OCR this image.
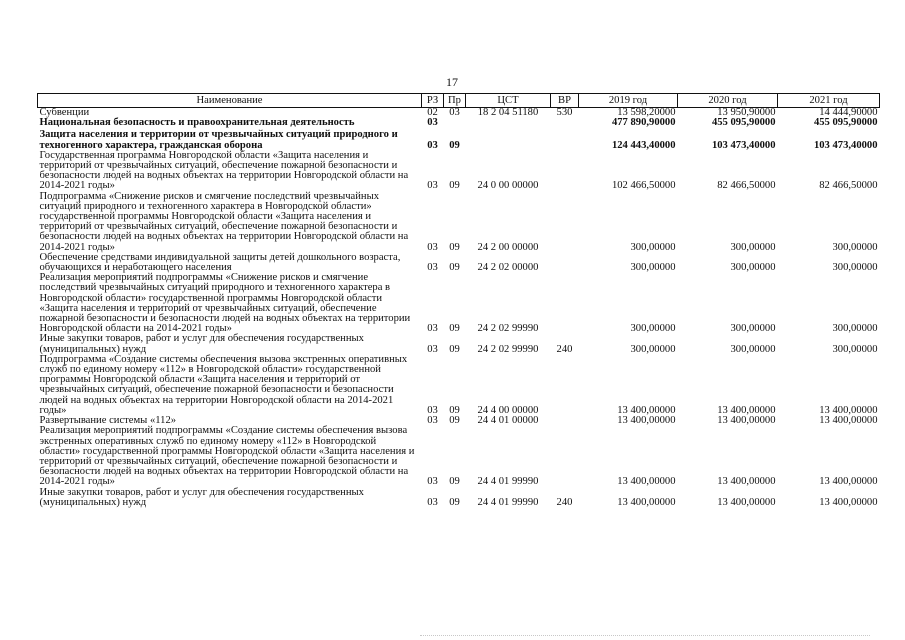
17
Наименование	РЗ	Пр	ЦСТ	ВР	2019 год	2020 год	2021 год
Субвенции	02	03	18 2 04 51180	530	13 598,20000	13 950,90000	14 444,90000
Национальная безопасность и правоохранительная деятельность	03				477 890,90000	455 095,90000	455 095,90000
Защита населения и территории от чрезвычайных ситуаций природного и техногенного характера, гражданская оборона	03	09			124 443,40000	103 473,40000	103 473,40000
Государственная программа Новгородской области «Защита населения и территорий от чрезвычайных ситуаций, обеспечение пожарной безопасности и безопасности людей на водных объектах на территории Новгородской области на 2014-2021 годы»	03	09	24 0 00 00000		102 466,50000	82 466,50000	82 466,50000
Подпрограмма «Снижение рисков и смягчение последствий чрезвычайных ситуаций природного и техногенного характера в Новгородской области» государственной программы Новгородской области «Защита населения и территорий от чрезвычайных ситуаций, обеспечение пожарной безопасности и безопасности людей на водных объектах на территории Новгородской области на 2014-2021 годы»	03	09	24 2 00 00000		300,00000	300,00000	300,00000
Обеспечение средствами индивидуальной защиты детей дошкольного возраста, обучающихся и неработающего населения	03	09	24 2 02 00000		300,00000	300,00000	300,00000
Реализация мероприятий подпрограммы «Снижение рисков и смягчение последствий чрезвычайных ситуаций природного и техногенного характера в Новгородской области» государственной программы Новгородской области «Защита населения и территорий от чрезвычайных ситуаций, обеспечение пожарной безопасности и безопасности людей на водных объектах на территории Новгородской области на 2014-2021 годы»	03	09	24 2 02 99990		300,00000	300,00000	300,00000
Иные закупки товаров, работ и услуг для обеспечения государственных (муниципальных) нужд	03	09	24 2 02 99990	240	300,00000	300,00000	300,00000
Подпрограмма «Создание системы обеспечения вызова экстренных оперативных служб по единому номеру «112» в Новгородской области» государственной программы Новгородской области «Защита населения и территорий от чрезвычайных ситуаций, обеспечение пожарной безопасности и безопасности людей на водных объектах на территории Новгородской области на 2014-2021 годы»	03	09	24 4 00 00000		13 400,00000	13 400,00000	13 400,00000
Развертывание системы «112»	03	09	24 4 01 00000		13 400,00000	13 400,00000	13 400,00000
Реализация мероприятий подпрограммы «Создание системы обеспечения вызова экстренных оперативных служб по единому номеру «112» в Новгородской области» государственной программы Новгородской области «Защита населения и территорий от чрезвычайных ситуаций, обеспечение пожарной безопасности и безопасности людей на водных объектах на территории Новгородской области на 2014-2021 годы»	03	09	24 4 01 99990		13 400,00000	13 400,00000	13 400,00000
Иные закупки товаров, работ и услуг для обеспечения государственных (муниципальных) нужд	03	09	24 4 01 99990	240	13 400,00000	13 400,00000	13 400,00000
